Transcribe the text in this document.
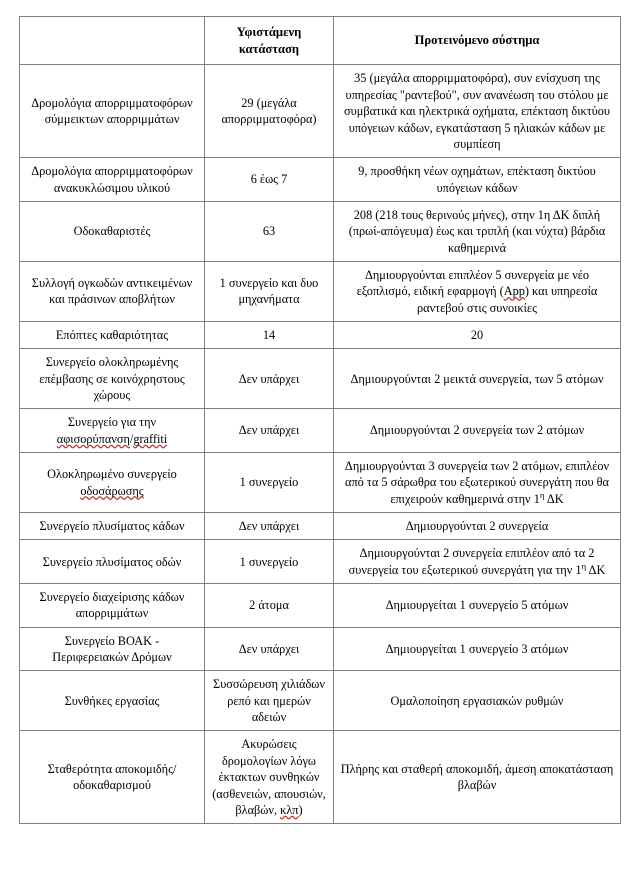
	Υφιστάμενη κατάσταση	Προτεινόμενο σύστημα
Δρομολόγια απορριμματοφόρων σύμμεικτων απορριμμάτων	29 (μεγάλα απορριμματοφόρα)	35 (μεγάλα απορριμματοφόρα), συν ενίσχυση της υπηρεσίας "ραντεβού", συν ανανέωση του στόλου με συμβατικά και ηλεκτρικά οχήματα, επέκταση δικτύου υπόγειων κάδων, εγκατάσταση 5 ηλιακών κάδων με συμπίεση
Δρομολόγια απορριμματοφόρων ανακυκλώσιμου υλικού	6 έως 7	9, προσθήκη νέων οχημάτων, επέκταση δικτύου υπόγειων κάδων
Οδοκαθαριστές	63	208 (218 τους θερινούς μήνες), στην 1η ΔΚ διπλή (πρωί-απόγευμα) έως και τριπλή (και νύχτα) βάρδια καθημερινά
Συλλογή ογκωδών αντικειμένων και πράσινων αποβλήτων	1 συνεργείο και δυο μηχανήματα	Δημιουργούνται επιπλέον 5 συνεργεία με νέο εξοπλισμό, ειδική εφαρμογή (App) και υπηρεσία ραντεβού στις συνοικίες
Επόπτες καθαριότητας	14	20
Συνεργείο ολοκληρωμένης επέμβασης σε κοινόχρηστους χώρους	Δεν υπάρχει	Δημιουργούνται 2 μεικτά συνεργεία, των 5 ατόμων
Συνεργείο για την αφισορύπανση/graffiti	Δεν υπάρχει	Δημιουργούνται 2 συνεργεία των 2 ατόμων
Ολοκληρωμένο συνεργείο οδοσάρωσης	1 συνεργείο	Δημιουργούνται 3 συνεργεία των 2 ατόμων, επιπλέον από τα 5 σάρωθρα του εξωτερικού συνεργάτη που θα επιχειρούν καθημερινά στην $1^\eta$ ΔΚ
Συνεργείο πλυσίματος κάδων	Δεν υπάρχει	Δημιουργούνται 2 συνεργεία
Συνεργείο πλυσίματος οδών	1 συνεργείο	Δημιουργούνται 2 συνεργεία επιπλέον από τα 2 συνεργεία του εξωτερικού συνεργάτη για την $1^\eta$ ΔΚ
Συνεργείο διαχείρισης κάδων απορριμμάτων	2 άτομα	Δημιουργείται 1 συνεργείο 5 ατόμων
Συνεργείο ΒΟΑΚ - Περιφερειακών Δρόμων	Δεν υπάρχει	Δημιουργείται 1 συνεργείο 3 ατόμων
Συνθήκες εργασίας	Συσσώρευση χιλιάδων ρεπό και ημερών αδειών	Ομαλοποίηση εργασιακών ρυθμών
Σταθερότητα αποκομιδής/οδοκαθαρισμού	Ακυρώσεις δρομολογίων λόγω έκτακτων συνθηκών (ασθενειών, απουσιών, βλαβών, κλπ)	Πλήρης και σταθερή αποκομιδή, άμεση αποκατάσταση βλαβών
